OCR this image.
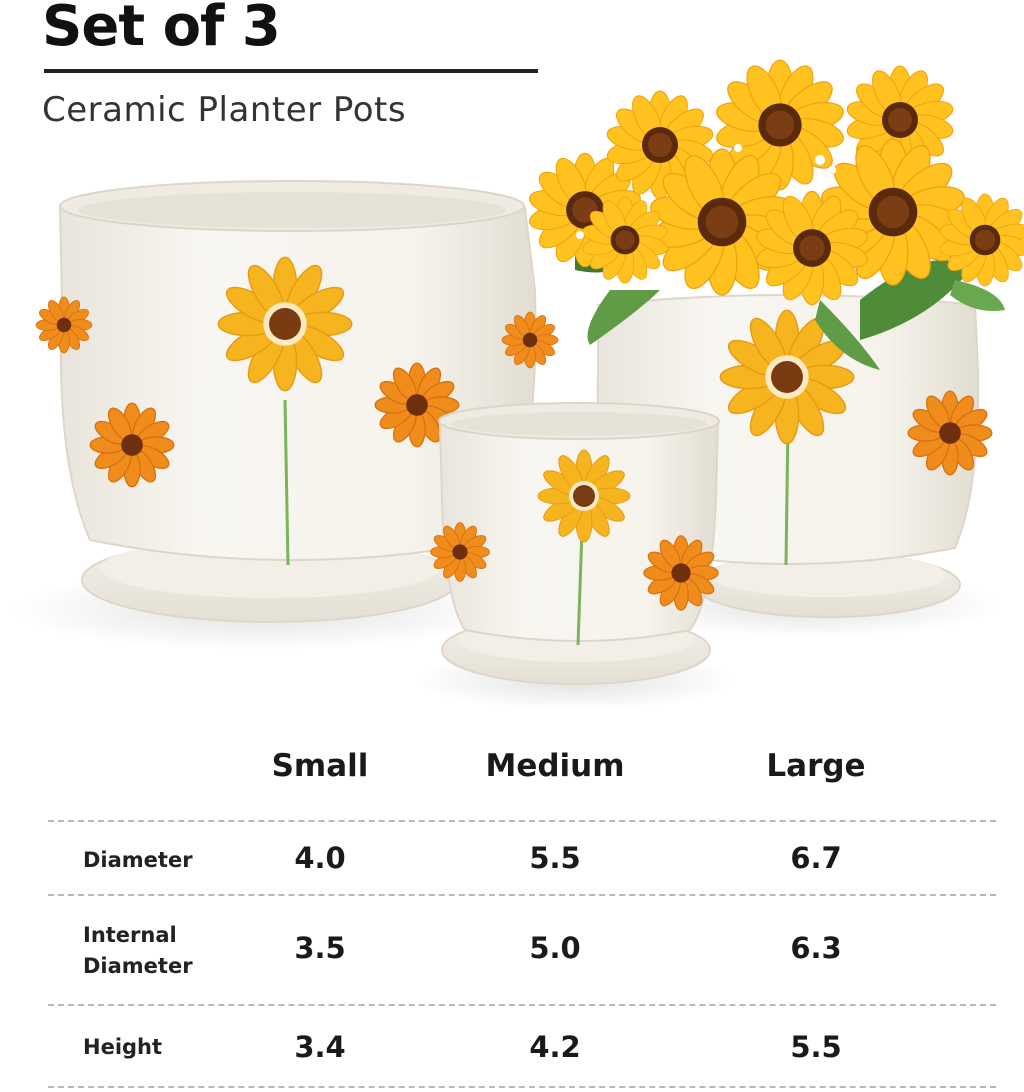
Set of 3
Ceramic Planter Pots
Small	Medium	Large
Diameter	4.0	5.5	6.7
Internal
Diameter
3.5	5.0	6.3
Height	3.4	4.2	5.5
